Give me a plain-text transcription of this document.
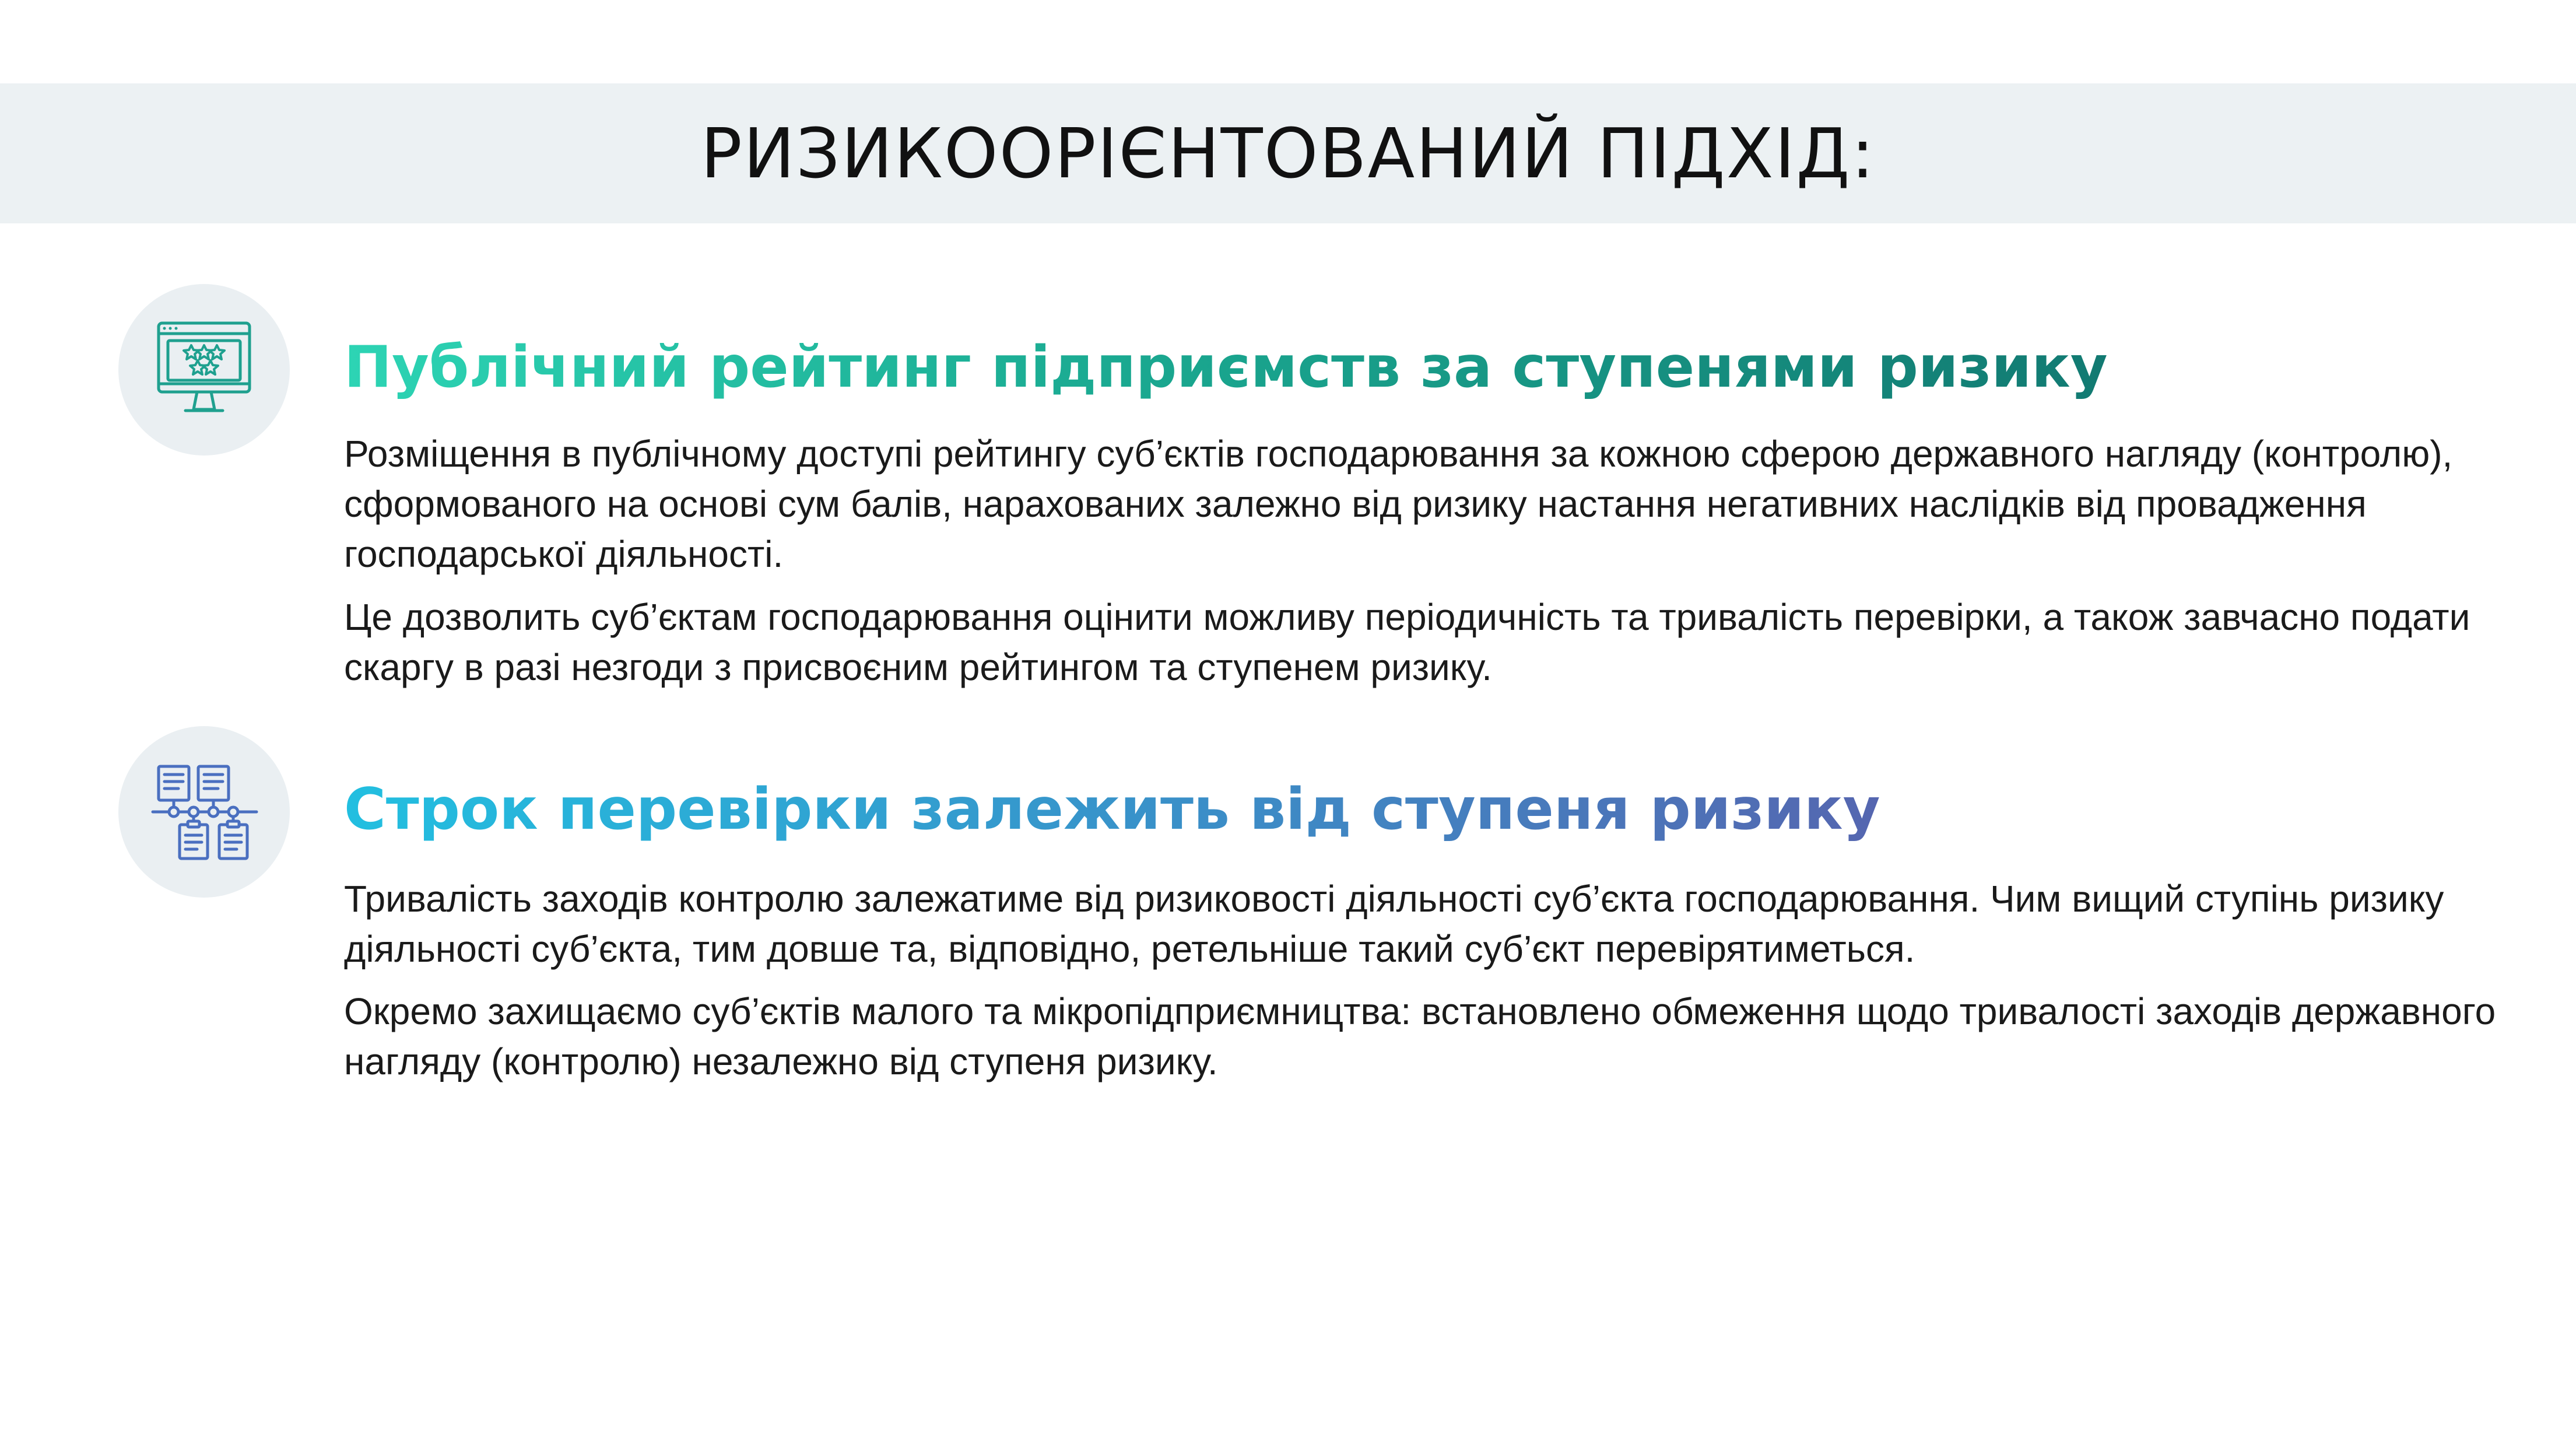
РИЗИКООРІЄНТОВАНИЙ ПІДХІД:
Публічний рейтинг підприємств за ступенями ризику

Розміщення в публічному доступі рейтингу суб’єктів господарювання за кожною сферою державного нагляду (контролю), сформованого на основі сум балів, нарахованих залежно від ризику настання негативних наслідків від провадження господарської діяльності.

Це дозволить суб’єктам господарювання оцінити можливу періодичність та тривалість перевірки, а також завчасно подати скаргу в разі незгоди з присвоєним рейтингом та ступенем ризику.

Строк перевірки залежить від ступеня ризику

Тривалість заходів контролю залежатиме від ризиковості діяльності суб’єкта господарювання. Чим вищий ступінь ризику діяльності суб’єкта, тим довше та, відповідно, ретельніше такий суб’єкт перевірятиметься.

Окремо захищаємо суб’єктів малого та мікропідприємництва: встановлено обмеження щодо тривалості заходів державного нагляду (контролю) незалежно від ступеня ризику.
